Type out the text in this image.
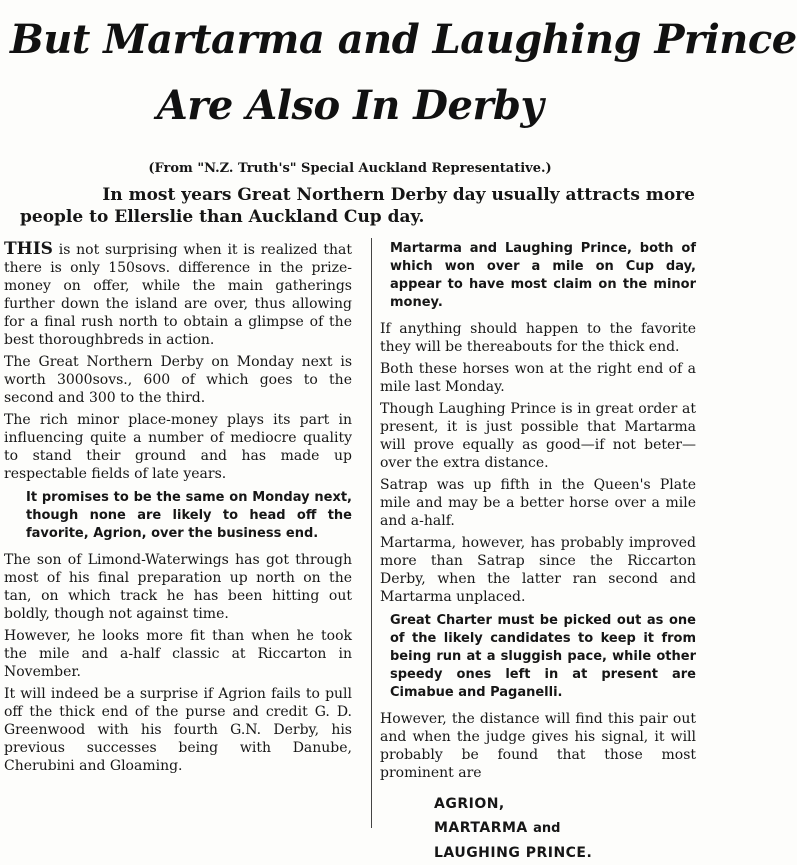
But Martarma and Laughing Prince
Are Also In Derby
(From "N.Z. Truth's" Special Auckland Representative.)

In most years Great Northern Derby day usually attracts more

people to Ellerslie than Auckland Cup day.

THIS is not surprising when it is realized that there is only 150sovs. difference in the prize-money on offer, while the main gatherings further down the island are over, thus allowing for a final rush north to obtain a glimpse of the best thoroughbreds in action.

The Great Northern Derby on Monday next is worth 3000sovs., 600 of which goes to the second and 300 to the third.

The rich minor place-money plays its part in influencing quite a number of mediocre quality to stand their ground and has made up respectable fields of late years.

It promises to be the same on Monday next, though none are likely to head off the favorite, Agrion, over the business end.

The son of Limond-Waterwings has got through most of his final preparation up north on the tan, on which track he has been hitting out boldly, though not against time.

However, he looks more fit than when he took the mile and a-half classic at Riccarton in November.

It will indeed be a surprise if Agrion fails to pull off the thick end of the purse and credit G. D. Greenwood with his fourth G.N. Derby, his previous successes being with Danube, Cherubini and Gloaming.

Martarma and Laughing Prince, both of which won over a mile on Cup day, appear to have most claim on the minor money.

If anything should happen to the favorite they will be thereabouts for the thick end.

Both these horses won at the right end of a mile last Monday.

Though Laughing Prince is in great order at present, it is just possible that Martarma will prove equally as good—if not beter—over the extra distance.

Satrap was up fifth in the Queen's Plate mile and may be a better horse over a mile and a-half.

Martarma, however, has probably improved more than Satrap since the Riccarton Derby, when the latter ran second and Martarma unplaced.

Great Charter must be picked out as one of the likely candidates to keep it from being run at a sluggish pace, while other speedy ones left in at present are Cimabue and Paganelli.

However, the distance will find this pair out and when the judge gives his signal, it will probably be found that those most prominent are

AGRION,
MARTARMA and
LAUGHING PRINCE.
